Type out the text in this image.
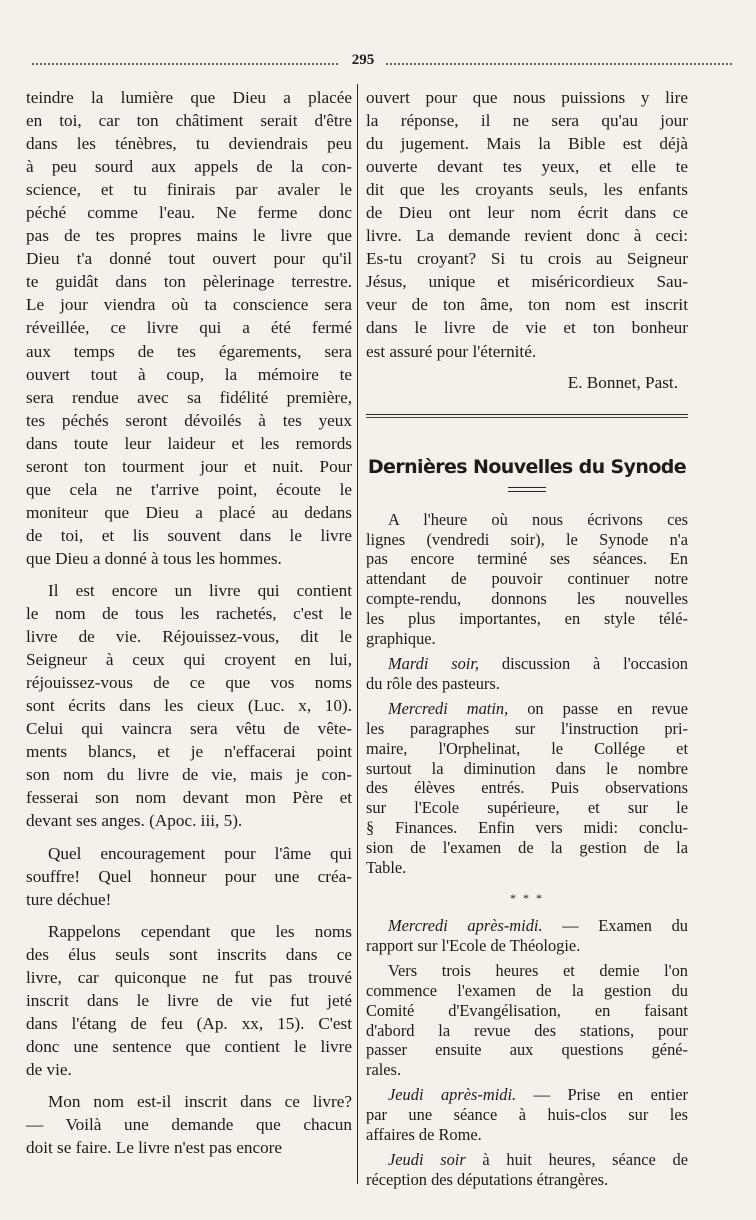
295
teindre la lumière que Dieu a placée
en toi, car ton châtiment serait d'être
dans les ténèbres, tu deviendrais peu
à peu sourd aux appels de la con-
science, et tu finirais par avaler le
péché comme l'eau. Ne ferme donc
pas de tes propres mains le livre que
Dieu t'a donné tout ouvert pour qu'il
te guidât dans ton pèlerinage terrestre.
Le jour viendra où ta conscience sera
réveillée, ce livre qui a été fermé
aux temps de tes égarements, sera
ouvert tout à coup, la mémoire te
sera rendue avec sa fidélité première,
tes péchés seront dévoilés à tes yeux
dans toute leur laideur et les remords
seront ton tourment jour et nuit. Pour
que cela ne t'arrive point, écoute le
moniteur que Dieu a placé au dedans
de toi, et lis souvent dans le livre
que Dieu a donné à tous les hommes.
Il est encore un livre qui contient
le nom de tous les rachetés, c'est le
livre de vie. Réjouissez-vous, dit le
Seigneur à ceux qui croyent en lui,
réjouissez-vous de ce que vos noms
sont écrits dans les cieux (Luc. x, 10).
Celui qui vaincra sera vêtu de vête-
ments blancs, et je n'effacerai point
son nom du livre de vie, mais je con-
fesserai son nom devant mon Père et
devant ses anges. (Apoc. iii, 5).
Quel encouragement pour l'âme qui
souffre! Quel honneur pour une créa-
ture déchue!
Rappelons cependant que les noms
des élus seuls sont inscrits dans ce
livre, car quiconque ne fut pas trouvé
inscrit dans le livre de vie fut jeté
dans l'étang de feu (Ap. xx, 15). C'est
donc une sentence que contient le livre
de vie.
Mon nom est-il inscrit dans ce livre?
— Voilà une demande que chacun
doit se faire. Le livre n'est pas encore
ouvert pour que nous puissions y lire
la réponse, il ne sera qu'au jour
du jugement. Mais la Bible est déjà
ouverte devant tes yeux, et elle te
dit que les croyants seuls, les enfants
de Dieu ont leur nom écrit dans ce
livre. La demande revient donc à ceci:
Es-tu croyant? Si tu crois au Seigneur
Jésus, unique et miséricordieux Sau-
veur de ton âme, ton nom est inscrit
dans le livre de vie et ton bonheur
est assuré pour l'éternité.
E. Bonnet, Past.
Dernières Nouvelles du Synode
A l'heure où nous écrivons ces
lignes (vendredi soir), le Synode n'a
pas encore terminé ses séances. En
attendant de pouvoir continuer notre
compte-rendu, donnons les nouvelles
les plus importantes, en style télé-
graphique.
Mardi soir, discussion à l'occasion
du rôle des pasteurs.
Mercredi matin, on passe en revue
les paragraphes sur l'instruction pri-
maire, l'Orphelinat, le Collége et
surtout la diminution dans le nombre
des élèves entrés. Puis observations
sur l'Ecole supérieure, et sur le
§ Finances. Enfin vers midi: conclu-
sion de l'examen de la gestion de la
Table.
* * *
Mercredi après-midi. — Examen du
rapport sur l'Ecole de Théologie.
Vers trois heures et demie l'on
commence l'examen de la gestion du
Comité d'Evangélisation, en faisant
d'abord la revue des stations, pour
passer ensuite aux questions géné-
rales.
Jeudi après-midi. — Prise en entier
par une séance à huis-clos sur les
affaires de Rome.
Jeudi soir à huit heures, séance de
réception des députations étrangères.
